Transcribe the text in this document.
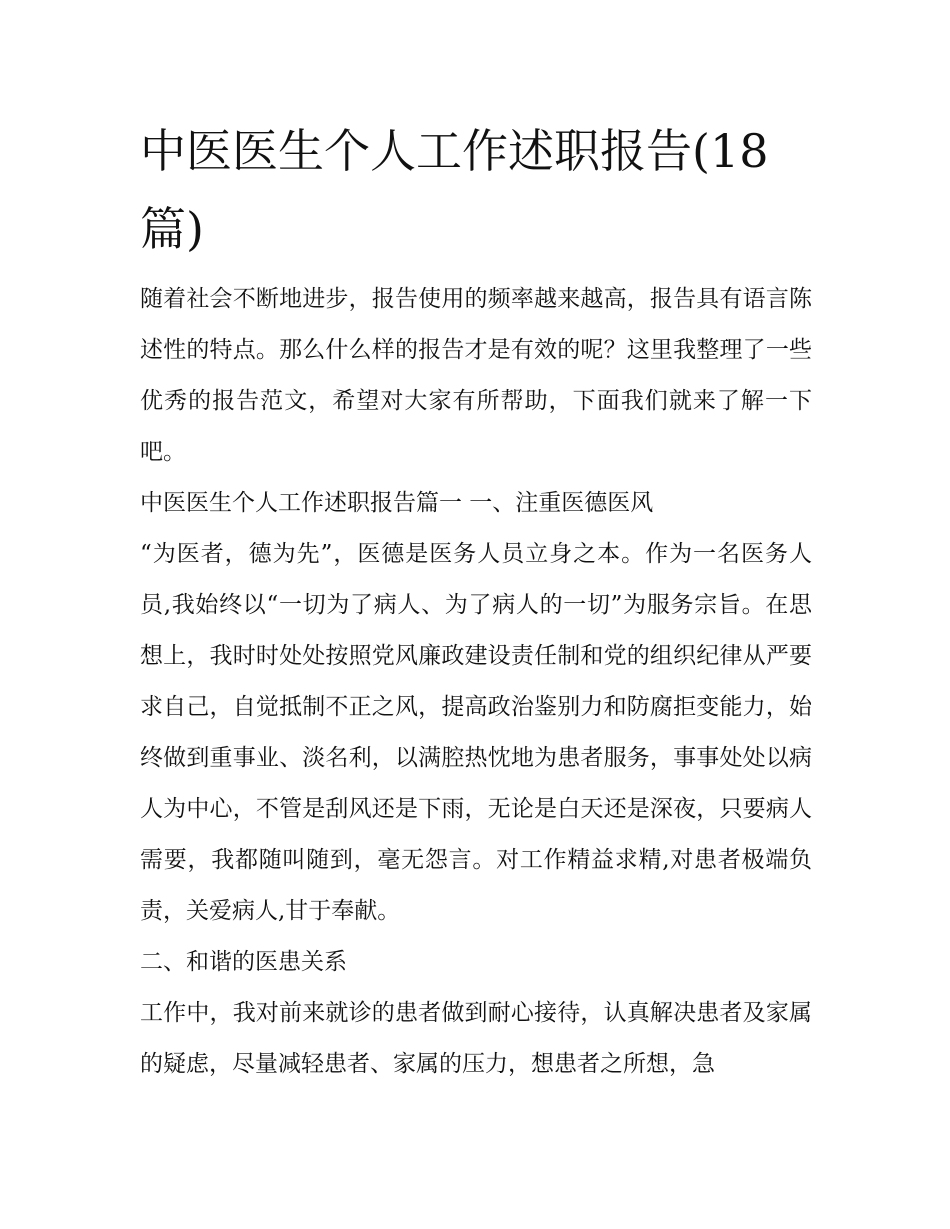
中医医生个人工作述职报告(18篇)

随着社会不断地进步，报告使用的频率越来越高，报告具有语言陈述性的特点。那么什么样的报告才是有效的呢？这里我整理了一些优秀的报告范文，希望对大家有所帮助，下面我们就来了解一下吧。

中医医生个人工作述职报告篇一 一、注重医德医风

“为医者，德为先”，医德是医务人员立身之本。作为一名医务人员,我始终以“一切为了病人、为了病人的一切”为服务宗旨。在思想上，我时时处处按照党风廉政建设责任制和党的组织纪律从严要求自己，自觉抵制不正之风，提高政治鉴别力和防腐拒变能力，始终做到重事业、淡名利，以满腔热忱地为患者服务，事事处处以病人为中心，不管是刮风还是下雨，无论是白天还是深夜，只要病人需要，我都随叫随到，毫无怨言。对工作精益求精,对患者极端负责，关爱病人,甘于奉献。

二、和谐的医患关系

工作中，我对前来就诊的患者做到耐心接待，认真解决患者及家属的疑虑，尽量减轻患者、家属的压力，想患者之所想，急
